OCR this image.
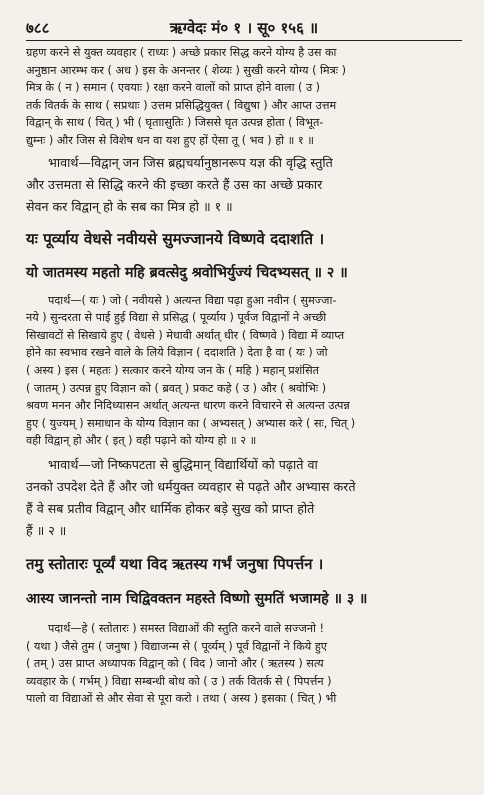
७८८	ऋग्वेदः मं० १ । सू० १५६ ॥

ग्रहण करने से युक्त व्यवहार ( राध्यः ) अच्छे प्रकार सिद्ध करने योग्य है उस का

अनुष्ठान आरम्भ कर ( अध ) इस के अनन्तर ( शेव्यः ) सुखी करने योग्य ( मित्रः )

मित्र के ( न ) समान ( एवयाः ) रक्षा करने वालों को प्राप्त होने वाला ( उ )

तर्क वितर्क के साथ ( सप्रथाः ) उत्तम प्रसिद्धियुक्त ( विद्युषा ) और आप्त उत्तम

विद्वान् के साथ ( चित् ) भी ( घृताासुतिः ) जिससे घृत उत्पन्न होता ( विभूत-

द्युम्नः ) और जिस से विशेष धन वा यश हुए हों ऐसा तू ( भव ) हो ॥ १ ॥

भावार्थ—विद्वान् जन जिस ब्रह्मचर्यानुष्ठानरूप यज्ञ की वृद्धि स्तुति

और उत्तमता से सिद्धि करने की इच्छा करते हैं उस का अच्छे प्रकार

सेवन कर विद्वान् हो के सब का मित्र हो ॥ १ ॥

यः पूर्व्याय वेधसे नवीयसे सुमज्जानये विष्णवे ददाशति ।

यो जातमस्य महतो महि ब्रवत्सेदु श्रवोभिर्युज्यं चिदभ्यसत् ॥ २ ॥

पदार्थ—( यः ) जो ( नवीयसे ) अत्यन्त विद्या पढ़ा हुआ नवीन ( सुमज्जा-

नये ) सुन्दरता से पाई हुई विद्या से प्रसिद्ध ( पूर्व्याय ) पूर्वज विद्वानों ने अच्छी

सिखावटों से सिखाये हुए ( वेधसे ) मेधावी अर्थात् धीर ( विष्णवे ) विद्या में व्याप्त

होने का स्वभाव रखने वाले के लिये विज्ञान ( ददाशति ) देता है वा ( यः ) जो

( अस्य ) इस ( महतः ) सत्कार करने योग्य जन के ( महि ) महान् प्रशंसित

( जातम् ) उत्पन्न हुए विज्ञान को ( ब्रवत् ) प्रकट कहे ( उ ) और ( श्रवोभिः )

श्रवण मनन और निदिध्यासन अर्थात् अत्यन्त धारण करने विचारने से अत्यन्त उत्पन्न

हुए ( युज्यम् ) समाधान के योग्य विज्ञान का ( अभ्यसत् ) अभ्यास करे ( सः, चित् )

वही विद्वान् हो और ( इत् ) वही पढ़ाने को योग्य हो ॥ २ ॥

भावार्थ—जो निष्कपटता से बुद्धिमान् विद्यार्थियों को पढ़ाते वा

उनको उपदेश देते हैं और जो धर्मयुक्त व्यवहार से पढ़ते और अभ्यास करते

हैं वे सब प्रतीव विद्वान् और धार्मिक होकर बड़े सुख को प्राप्त होते

हैं ॥ २ ॥

तमु स्तोतारः पूर्व्यं यथा विद ऋतस्य गर्भं जनुषा पिपर्त्तन ।

आस्य जानन्तो नाम चिद्विवक्तन महस्ते विष्णो सुमतिं भजामहे ॥ ३ ॥

पदार्थ—हे ( स्तोतारः ) समस्त विद्याओं की स्तुति करने वाले सज्जनो !

( यथा ) जैसे तुम ( जनुषा ) विद्याजन्म से ( पूर्व्यम् ) पूर्व विद्वानों ने किये हुए

( तम् ) उस प्राप्त अध्यापक विद्वान् को ( विद ) जानो और ( ऋतस्य ) सत्य

व्यवहार के ( गर्भम् ) विद्या सम्बन्धी बोध को ( उ ) तर्क वितर्क से ( पिपर्त्तन )

पालो वा विद्याओं से और सेवा से पूरा करो । तथा ( अस्य ) इसका ( चित् ) भी
